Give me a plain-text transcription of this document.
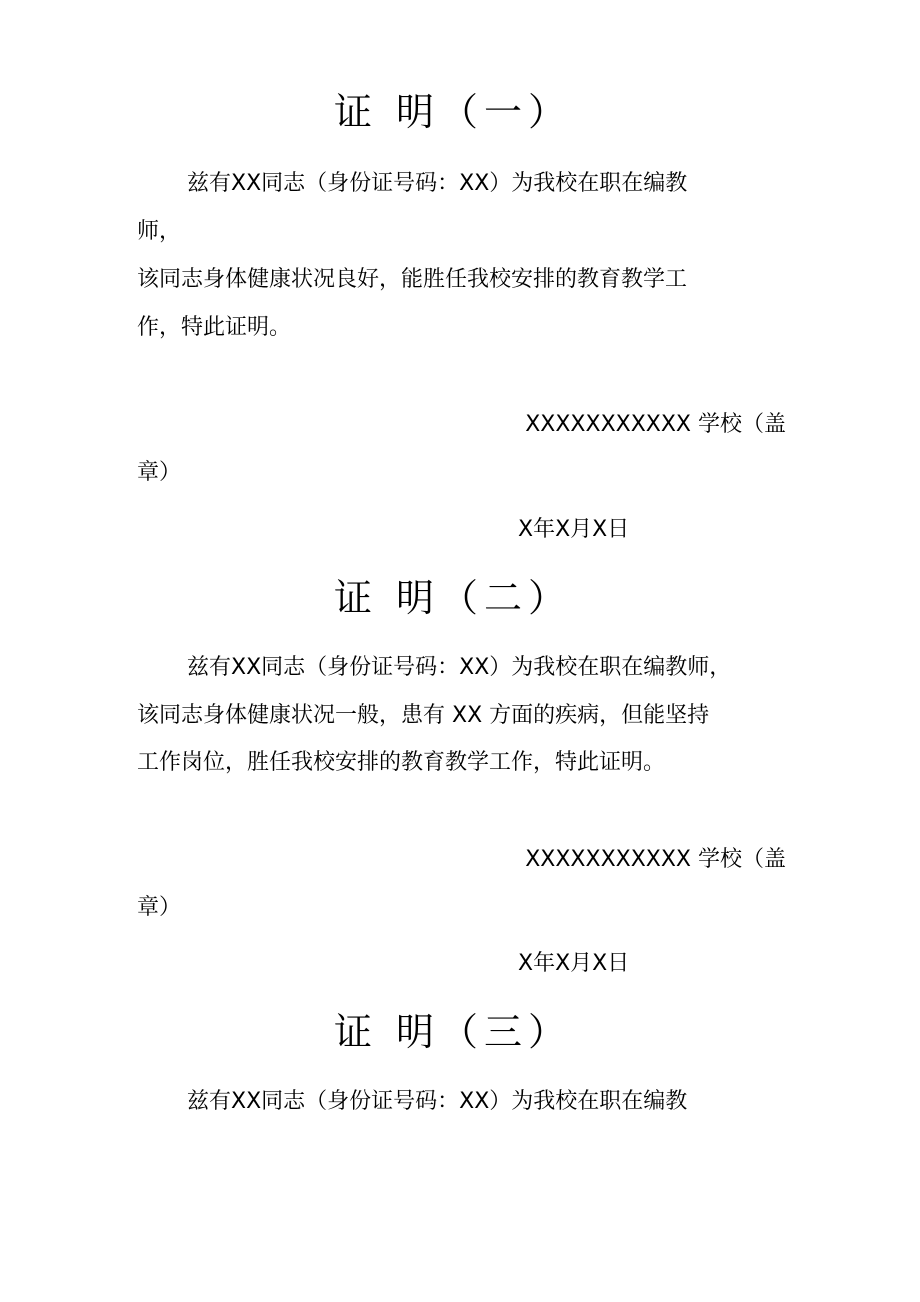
证 明（一）
兹有XX同志（身份证号码：XX）为我校在职在编教
师，
该同志身体健康状况良好，能胜任我校安排的教育教学工
作，特此证明。
XXXXXXXXXXX 学校（盖
章）
X年X月X日
证 明（二）
兹有XX同志（身份证号码：XX）为我校在职在编教师，
该同志身体健康状况一般，患有 XX 方面的疾病，但能坚持
工作岗位，胜任我校安排的教育教学工作，特此证明。
XXXXXXXXXXX 学校（盖
章）
X年X月X日
证 明（三）
兹有XX同志（身份证号码：XX）为我校在职在编教
